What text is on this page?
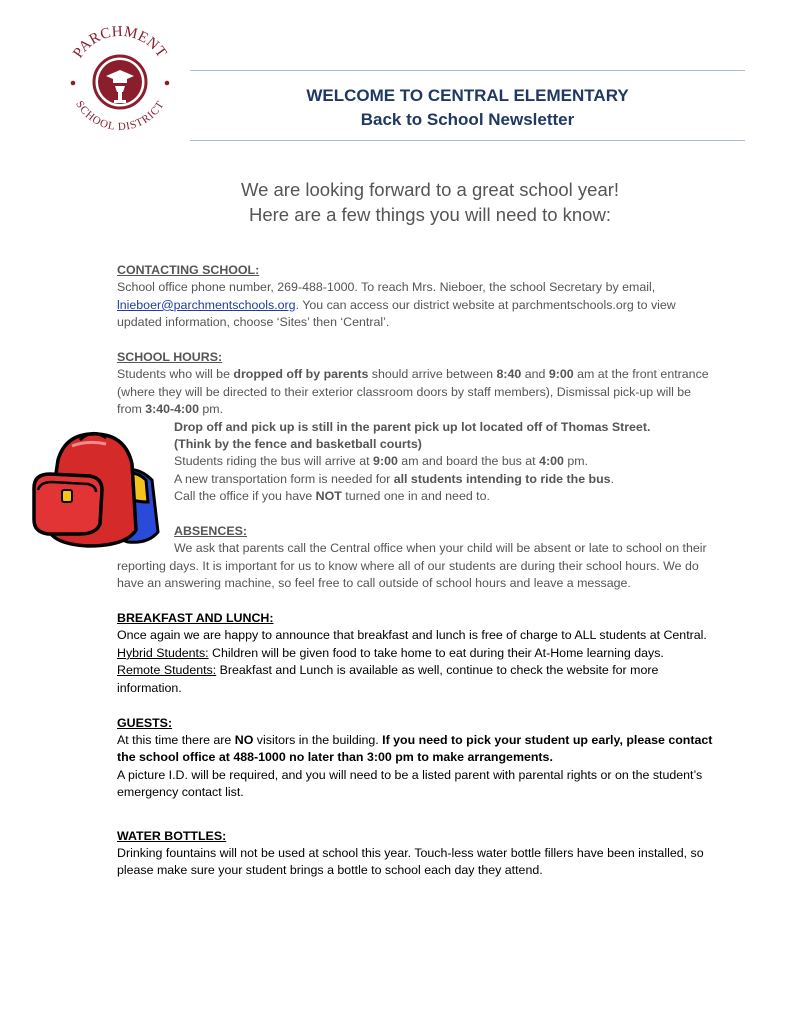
PARCHMENT
SCHOOL DISTRICT
WELCOME TO CENTRAL ELEMENTARY
Back to School Newsletter
We are looking forward to a great school year!
Here are a few things you will need to know:
CONTACTING SCHOOL:
School office phone number, 269-488-1000. To reach Mrs. Nieboer, the school Secretary by email,
lnieboer@parchmentschools.org. You can access our district website at parchmentschools.org to view
updated information, choose ‘Sites’ then ‘Central’.
SCHOOL HOURS:
Students who will be dropped off by parents should arrive between 8:40 and 9:00 am at the front entrance
(where they will be directed to their exterior classroom doors by staff members), Dismissal pick-up will be
from 3:40-4:00 pm.
Drop off and pick up is still in the parent pick up lot located off of Thomas Street.
(Think by the fence and basketball courts)
Students riding the bus will arrive at 9:00 am and board the bus at 4:00 pm.
A new transportation form is needed for all students intending to ride the bus.
Call the office if you have NOT turned one in and need to.
ABSENCES:
We ask that parents call the Central office when your child will be absent or late to school on their
reporting days. It is important for us to know where all of our students are during their school hours. We do
have an answering machine, so feel free to call outside of school hours and leave a message.
BREAKFAST AND LUNCH:
Once again we are happy to announce that breakfast and lunch is free of charge to ALL students at Central.
Hybrid Students: Children will be given food to take home to eat during their At-Home learning days.
Remote Students: Breakfast and Lunch is available as well, continue to check the website for more
information.
GUESTS:
At this time there are NO visitors in the building. If you need to pick your student up early, please contact
the school office at 488-1000 no later than 3:00 pm to make arrangements.
A picture I.D. will be required, and you will need to be a listed parent with parental rights or on the student’s
emergency contact list.
WATER BOTTLES:
Drinking fountains will not be used at school this year. Touch-less water bottle fillers have been installed, so
please make sure your student brings a bottle to school each day they attend.
